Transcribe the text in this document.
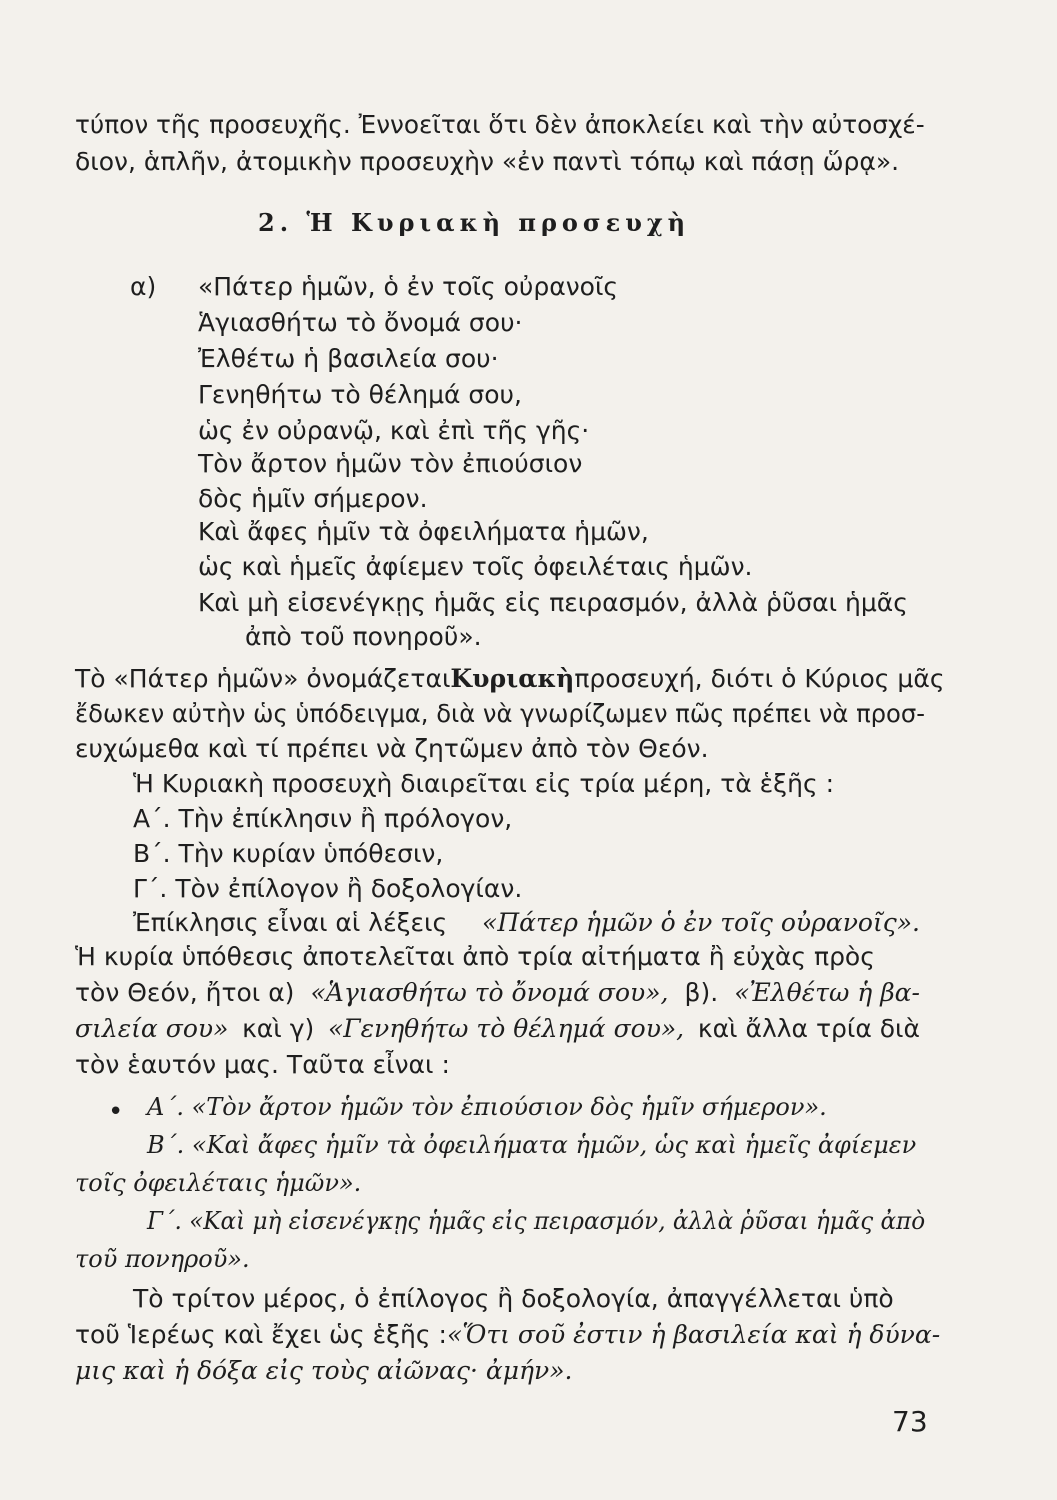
τύπον τῆς προσευχῆς. Ἐννοεῖται ὅτι δὲν ἀποκλείει καὶ τὴν αὐτοσχέ-
διον, ἁπλῆν, ἀτομικὴν προσευχὴν «ἐν παντὶ τόπῳ καὶ πάσῃ ὥρᾳ».
2. Ἡ Κυριακὴ προσευχὴ
α) «Πάτερ ἡμῶν, ὁ ἐν τοῖς οὐρανοῖς
Ἁγιασθήτω τὸ ὄνομά σου·
Ἐλθέτω ἡ βασιλεία σου·
Γενηθήτω τὸ θέλημά σου,
ὡς ἐν οὐρανῷ, καὶ ἐπὶ τῆς γῆς·
Τὸν ἄρτον ἡμῶν τὸν ἐπιούσιον
δὸς ἡμῖν σήμερον.
Καὶ ἄφες ἡμῖν τὰ ὀφειλήματα ἡμῶν,
ὡς καὶ ἡμεῖς ἀφίεμεν τοῖς ὀφειλέταις ἡμῶν.
Καὶ μὴ εἰσενέγκῃς ἡμᾶς εἰς πειρασμόν, ἀλλὰ ῥῦσαι ἡμᾶς
ἀπὸ τοῦ πονηροῦ».
Τὸ «Πάτερ ἡμῶν» ὀνομάζεται Κυριακὴ προσευχή, διότι ὁ Κύριος μᾶς
ἔδωκεν αὐτὴν ὡς ὑπόδειγμα, διὰ νὰ γνωρίζωμεν πῶς πρέπει νὰ προσ-
ευχώμεθα καὶ τί πρέπει νὰ ζητῶμεν ἀπὸ τὸν Θεόν.
Ἡ Κυριακὴ προσευχὴ διαιρεῖται εἰς τρία μέρη, τὰ ἑξῆς :
Α΄. Τὴν ἐπίκλησιν ἢ πρόλογον,
Β΄. Τὴν κυρίαν ὑπόθεσιν,
Γ΄. Τὸν ἐπίλογον ἢ δοξολογίαν.
Ἐπίκλησις εἶναι αἱ λέξεις «Πάτερ ἡμῶν ὁ ἐν τοῖς οὐρανοῖς».
Ἡ κυρία ὑπόθεσις ἀποτελεῖται ἀπὸ τρία αἰτήματα ἢ εὐχὰς πρὸς
τὸν Θεόν, ἤτοι α) «Ἁγιασθήτω τὸ ὄνομά σου», β). «Ἐλθέτω ἡ βα-
σιλεία σου» καὶ γ) «Γενηθήτω τὸ θέλημά σου», καὶ ἄλλα τρία διὰ
τὸν ἑαυτόν μας. Ταῦτα εἶναι :
• Α΄. «Τὸν ἄρτον ἡμῶν τὸν ἐπιούσιον δὸς ἡμῖν σήμερον».
Β΄. «Καὶ ἄφες ἡμῖν τὰ ὀφειλήματα ἡμῶν, ὡς καὶ ἡμεῖς ἀφίεμεν
τοῖς ὀφειλέταις ἡμῶν».
Γ΄. «Καὶ μὴ εἰσενέγκῃς ἡμᾶς εἰς πειρασμόν, ἀλλὰ ῥῦσαι ἡμᾶς ἀπὸ
τοῦ πονηροῦ».
Τὸ τρίτον μέρος, ὁ ἐπίλογος ἢ δοξολογία, ἀπαγγέλλεται ὑπὸ
τοῦ Ἱερέως καὶ ἔχει ὡς ἑξῆς : «Ὅτι σοῦ ἐστιν ἡ βασιλεία καὶ ἡ δύνα-
μις καὶ ἡ δόξα εἰς τοὺς αἰῶνας· ἀμήν».
73
